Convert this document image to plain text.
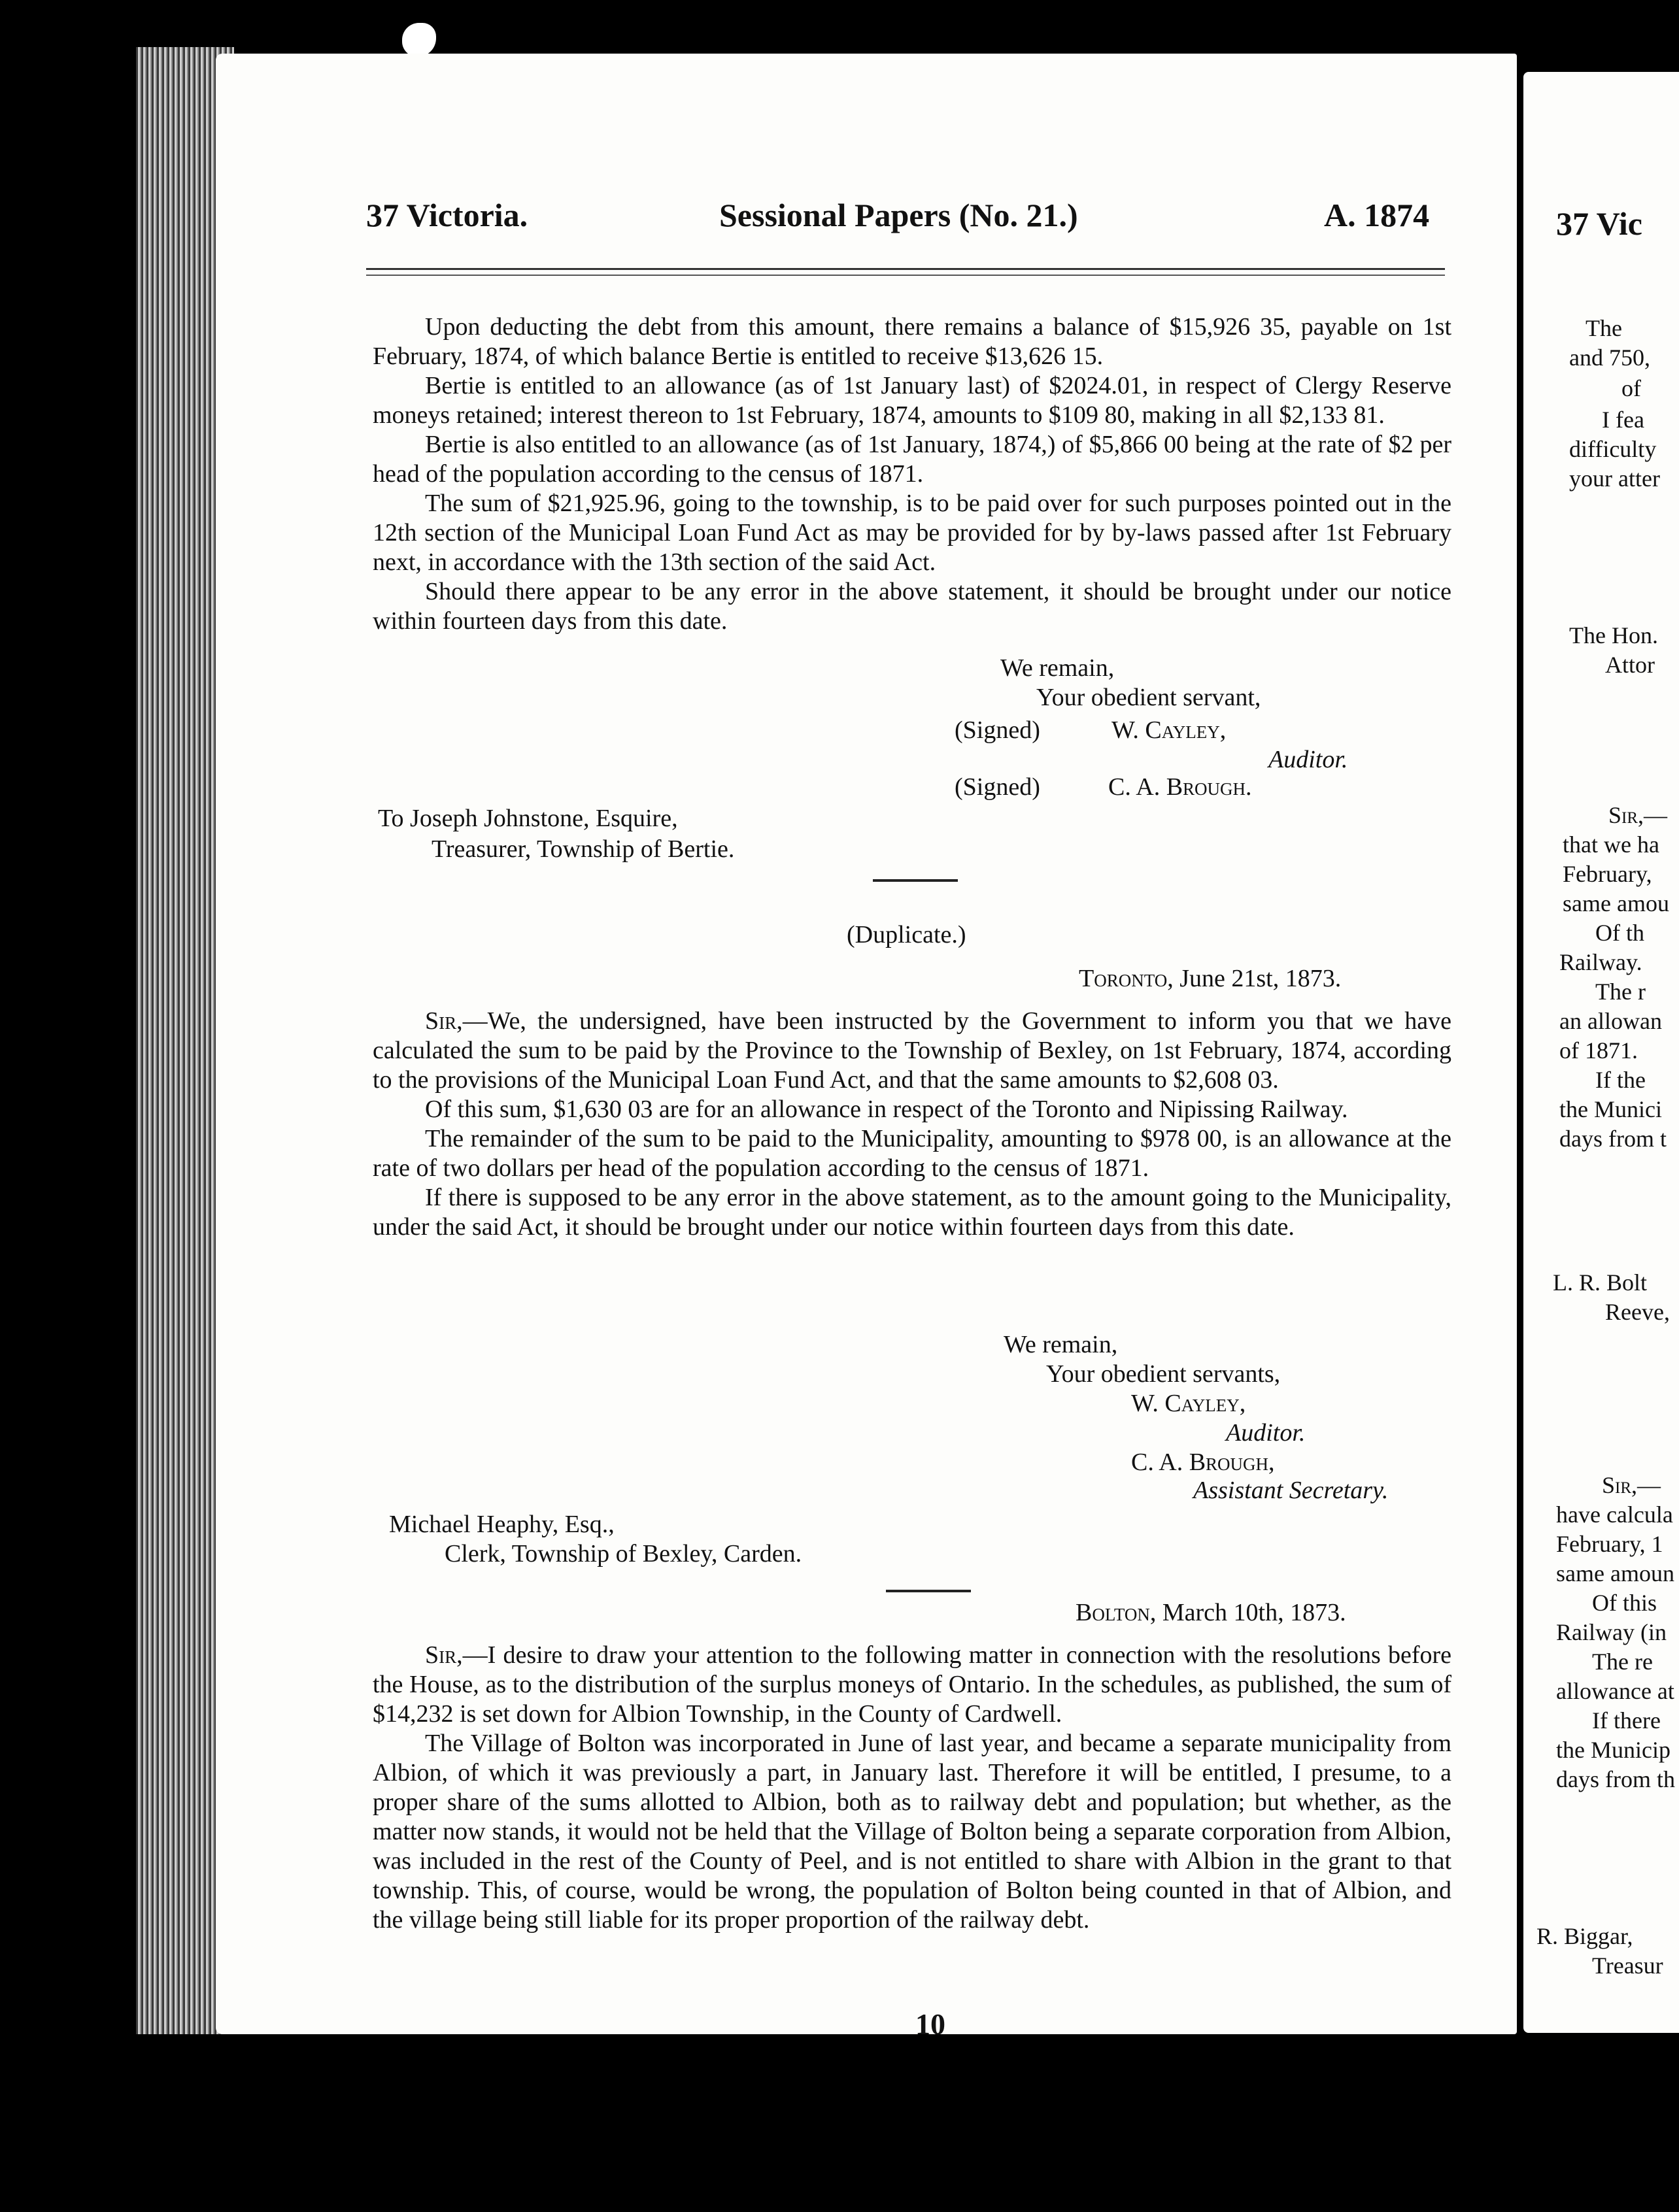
37 Victoria.	Sessional Papers (No. 21.)	A. 1874

Upon deducting the debt from this amount, there remains a balance of $15,926 35, payable on 1st February, 1874, of which balance Bertie is entitled to receive $13,626 15.

Bertie is entitled to an allowance (as of 1st January last) of $2024.01, in respect of Clergy Reserve moneys retained; interest thereon to 1st February, 1874, amounts to $109 80, making in all $2,133 81.

Bertie is also entitled to an allowance (as of 1st January, 1874,) of $5,866 00 being at the rate of $2 per head of the population according to the census of 1871.

The sum of $21,925.96, going to the township, is to be paid over for such purposes pointed out in the 12th section of the Municipal Loan Fund Act as may be provided for by by-laws passed after 1st February next, in accordance with the 13th section of the said Act.

Should there appear to be any error in the above statement, it should be brought under our notice within fourteen days from this date.

We remain,
Your obedient servant,
(Signed)	W. Cayley,
Auditor.
(Signed)	C. A. Brough.
To Joseph Johnstone, Esquire,
Treasurer, Township of Bertie.
(Duplicate.)
Toronto, June 21st, 1873.

Sir,—We, the undersigned, have been instructed by the Government to inform you that we have calculated the sum to be paid by the Province to the Township of Bexley, on 1st February, 1874, according to the provisions of the Municipal Loan Fund Act, and that the same amounts to $2,608 03.

Of this sum, $1,630 03 are for an allowance in respect of the Toronto and Nipissing Railway.

The remainder of the sum to be paid to the Municipality, amounting to $978 00, is an allowance at the rate of two dollars per head of the population according to the census of 1871.

If there is supposed to be any error in the above statement, as to the amount going to the Municipality, under the said Act, it should be brought under our notice within fourteen days from this date.

We remain,
Your obedient servants,
W. Cayley,
Auditor.
C. A. Brough,
Assistant Secretary.
Michael Heaphy, Esq.,
Clerk, Township of Bexley, Carden.
Bolton, March 10th, 1873.

Sir,—I desire to draw your attention to the following matter in connection with the resolutions before the House, as to the distribution of the surplus moneys of Ontario. In the schedules, as published, the sum of $14,232 is set down for Albion Township, in the County of Cardwell.

The Village of Bolton was incorporated in June of last year, and became a separate municipality from Albion, of which it was previously a part, in January last. Therefore it will be entitled, I presume, to a proper share of the sums allotted to Albion, both as to railway debt and population; but whether, as the matter now stands, it would not be held that the Village of Bolton being a separate corporation from Albion, was included in the rest of the County of Peel, and is not entitled to share with Albion in the grant to that township. This, of course, would be wrong, the population of Bolton being counted in that of Albion, and the village being still liable for its proper proportion of the railway debt.

10
37 Vic
The
and 750,
of
I fea
difficulty
your atter
The Hon.
Attor
Sir,—
that we ha
February,
same amou
Of th
Railway.
The r
an allowan
of 1871.
If the
the Munici
days from t
L. R. Bolt
Reeve,
Sir,—
have calcula
February, 1
same amoun
Of this
Railway (in
The re
allowance at
If there
the Municip
days from th
R. Biggar,
Treasur
